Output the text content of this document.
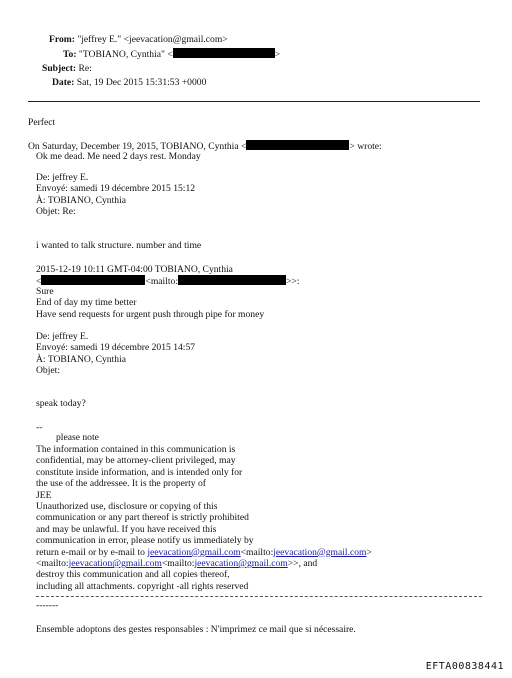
From: "jeffrey E." <jeevacation@gmail.com>
To: "TOBIANO, Cynthia" <	>
Subject: Re:
Date: Sat, 19 Dec 2015 15:31:53 +0000
Perfect
On Saturday, December 19, 2015, TOBIANO, Cynthia <	> wrote:
Ok me dead. Me need 2 days rest. Monday
De: jeffrey E.
Envoyé: samedi 19 décembre 2015 15:12
À: TOBIANO, Cynthia
Objet: Re:
i wanted to talk structure. number and time
2015-12-19 10:11 GMT-04:00 TOBIANO, Cynthia
<	<mailto:	>>:
Sure
End of day my time better
Have send requests for urgent push through pipe for money
De: jeffrey E.
Envoyé: samedi 19 décembre 2015 14:57
À: TOBIANO, Cynthia
Objet:
speak today?
--
please note
The information contained in this communication is
confidential, may be attorney-client privileged, may
constitute inside information, and is intended only for
the use of the addressee. It is the property of
JEE
Unauthorized use, disclosure or copying of this
communication or any part thereof is strictly prohibited
and may be unlawful. If you have received this
communication in error, please notify us immediately by
return e-mail or by e-mail to jeevacation@gmail.com<mailto:jeevacation@gmail.com>
<mailto:jeevacation@gmail.com<mailto:jeevacation@gmail.com>>, and
destroy this communication and all copies thereof,
including all attachments. copyright -all rights reserved
-------
Ensemble adoptons des gestes responsables : N'imprimez ce mail que si nécessaire.
EFTA00838441
